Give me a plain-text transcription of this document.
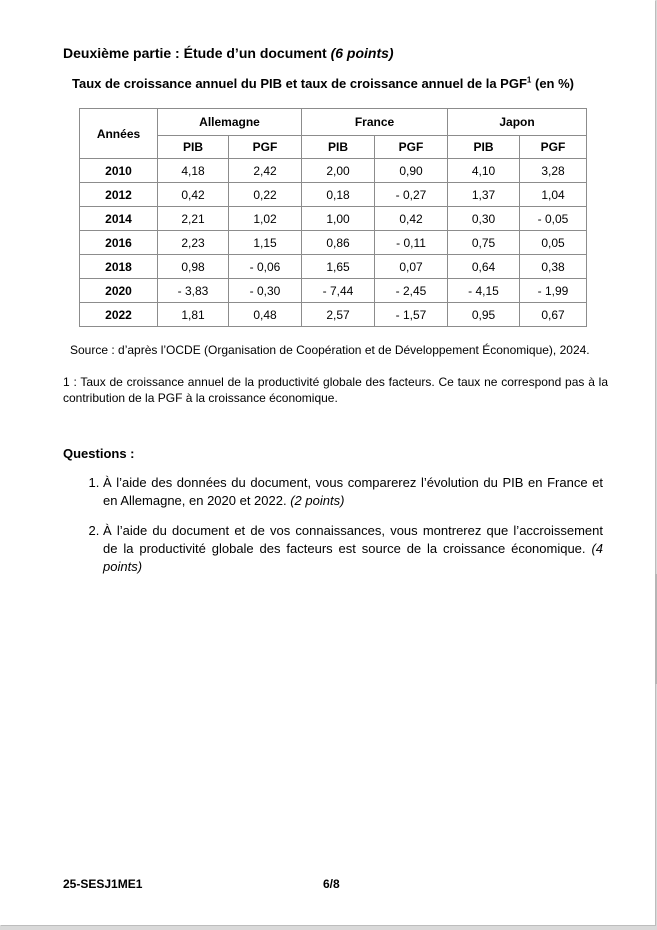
Deuxième partie : Étude d’un document (6 points)
Taux de croissance annuel du PIB et taux de croissance annuel de la PGF$^1$ (en %)
Années	Allemagne		France		Japon	
	PIB	PGF	PIB	PGF	PIB	PGF
2010	4,18	2,42	2,00	0,90	4,10	3,28
2012	0,42	0,22	0,18	- 0,27	1,37	1,04
2014	2,21	1,02	1,00	0,42	0,30	- 0,05
2016	2,23	1,15	0,86	- 0,11	0,75	0,05
2018	0,98	- 0,06	1,65	0,07	0,64	0,38
2020	- 3,83	- 0,30	- 7,44	- 2,45	- 4,15	- 1,99
2022	1,81	0,48	2,57	- 1,57	0,95	0,67
Source : d’après l’OCDE (Organisation de Coopération et de Développement Économique), 2024.
1 : Taux de croissance annuel de la productivité globale des facteurs. Ce taux ne correspond pas à la contribution de la PGF à la croissance économique.
Questions :
1. À l’aide des données du document, vous comparerez l’évolution du PIB en France et en Allemagne, en 2020 et 2022. (2 points)
2. À l’aide du document et de vos connaissances, vous montrerez que l’accroissement de la productivité globale des facteurs est source de la croissance économique. (4 points)
25-SESJ1ME1	6/8
